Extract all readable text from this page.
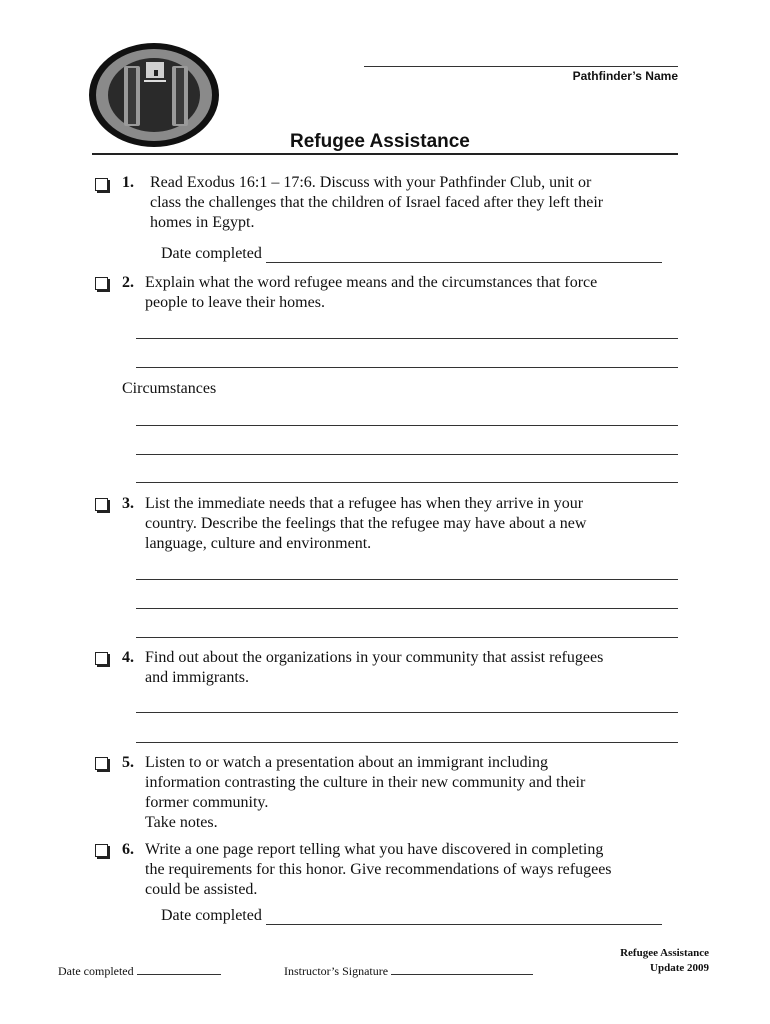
Pathfinder’s Name
Refugee Assistance
1. Read Exodus 16:1 – 17:6. Discuss with your Pathfinder Club, unit or
class the challenges that the children of Israel faced after they left their
homes in Egypt.
Date completed
2. Explain what the word refugee means and the circumstances that force
people to leave their homes.
Circumstances
3. List the immediate needs that a refugee has when they arrive in your
country. Describe the feelings that the refugee may have about a new
language, culture and environment.
4. Find out about the organizations in your community that assist refugees
and immigrants.
5. Listen to or watch a presentation about an immigrant including
information contrasting the culture in their new community and their
former community.
Take notes.
6. Write a one page report telling what you have discovered in completing
the requirements for this honor. Give recommendations of ways refugees
could be assisted.
Date completed
Date completed	Instructor’s Signature
Refugee Assistance
Update 2009
